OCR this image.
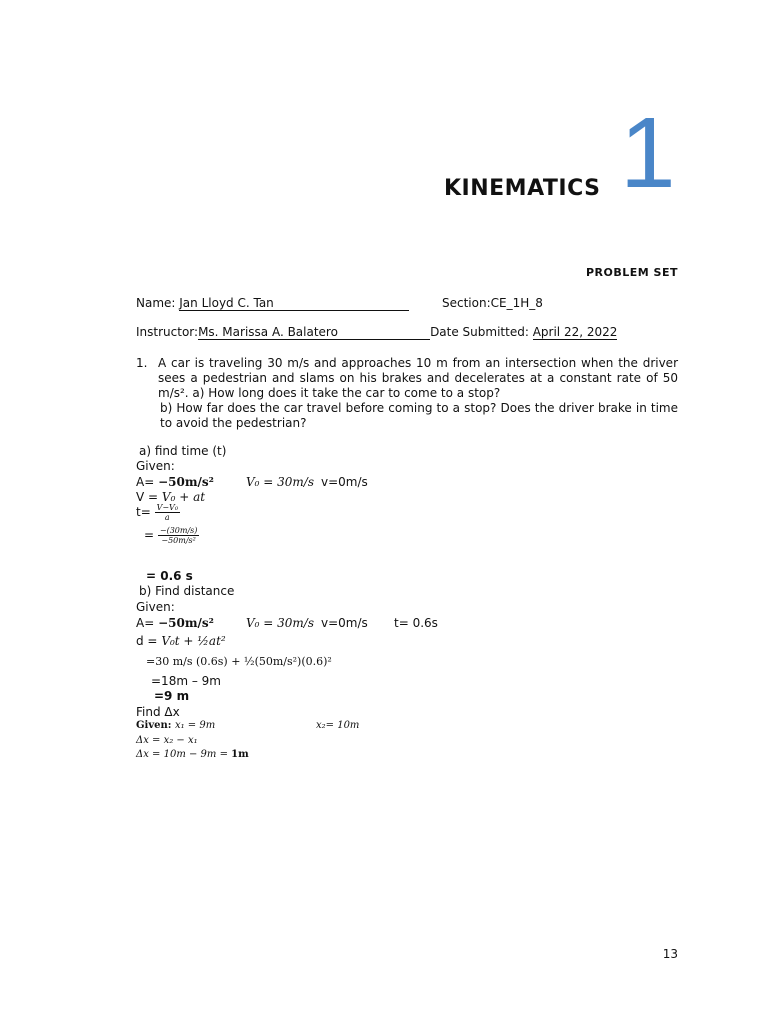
KINEMATICS 1
PROBLEM SET
Name: Jan Lloyd C. Tan	Section:CE_1H_8
Instructor:Ms. Marissa A. Balatero	Date Submitted: April 22, 2022
1. A car is traveling 30 m/s and approaches 10 m from an intersection when the driver sees a pedestrian and slams on his brakes and decelerates at a constant rate of 50 m/s². a) How long does it take the car to come to a stop?
b) How far does the car travel before coming to a stop? Does the driver brake in time to avoid the pedestrian?
a) find time (t)
Given:
A= −50m/s²	V₀ = 30m/s v=0m/s
V = V₀ + at
$t= \frac{\text{V−V₀}}{a}$
= $\frac{-(30m/s)}{\text{−50m/s²}}$
= 0.6 s
b) Find distance
Given:
A= −50m/s²	V₀ = 30m/s v=0m/s t= 0.6s
d = V₀t + ½at²
=30 m/s (0.6s) + ½(50m/s²)(0.6)²
=18m – 9m
=9 m
Find Δx
Given: x₁ = 9m	x₂= 10m
Δx = x₂ − x₁
Δx = 10m − 9m = 1m
13
